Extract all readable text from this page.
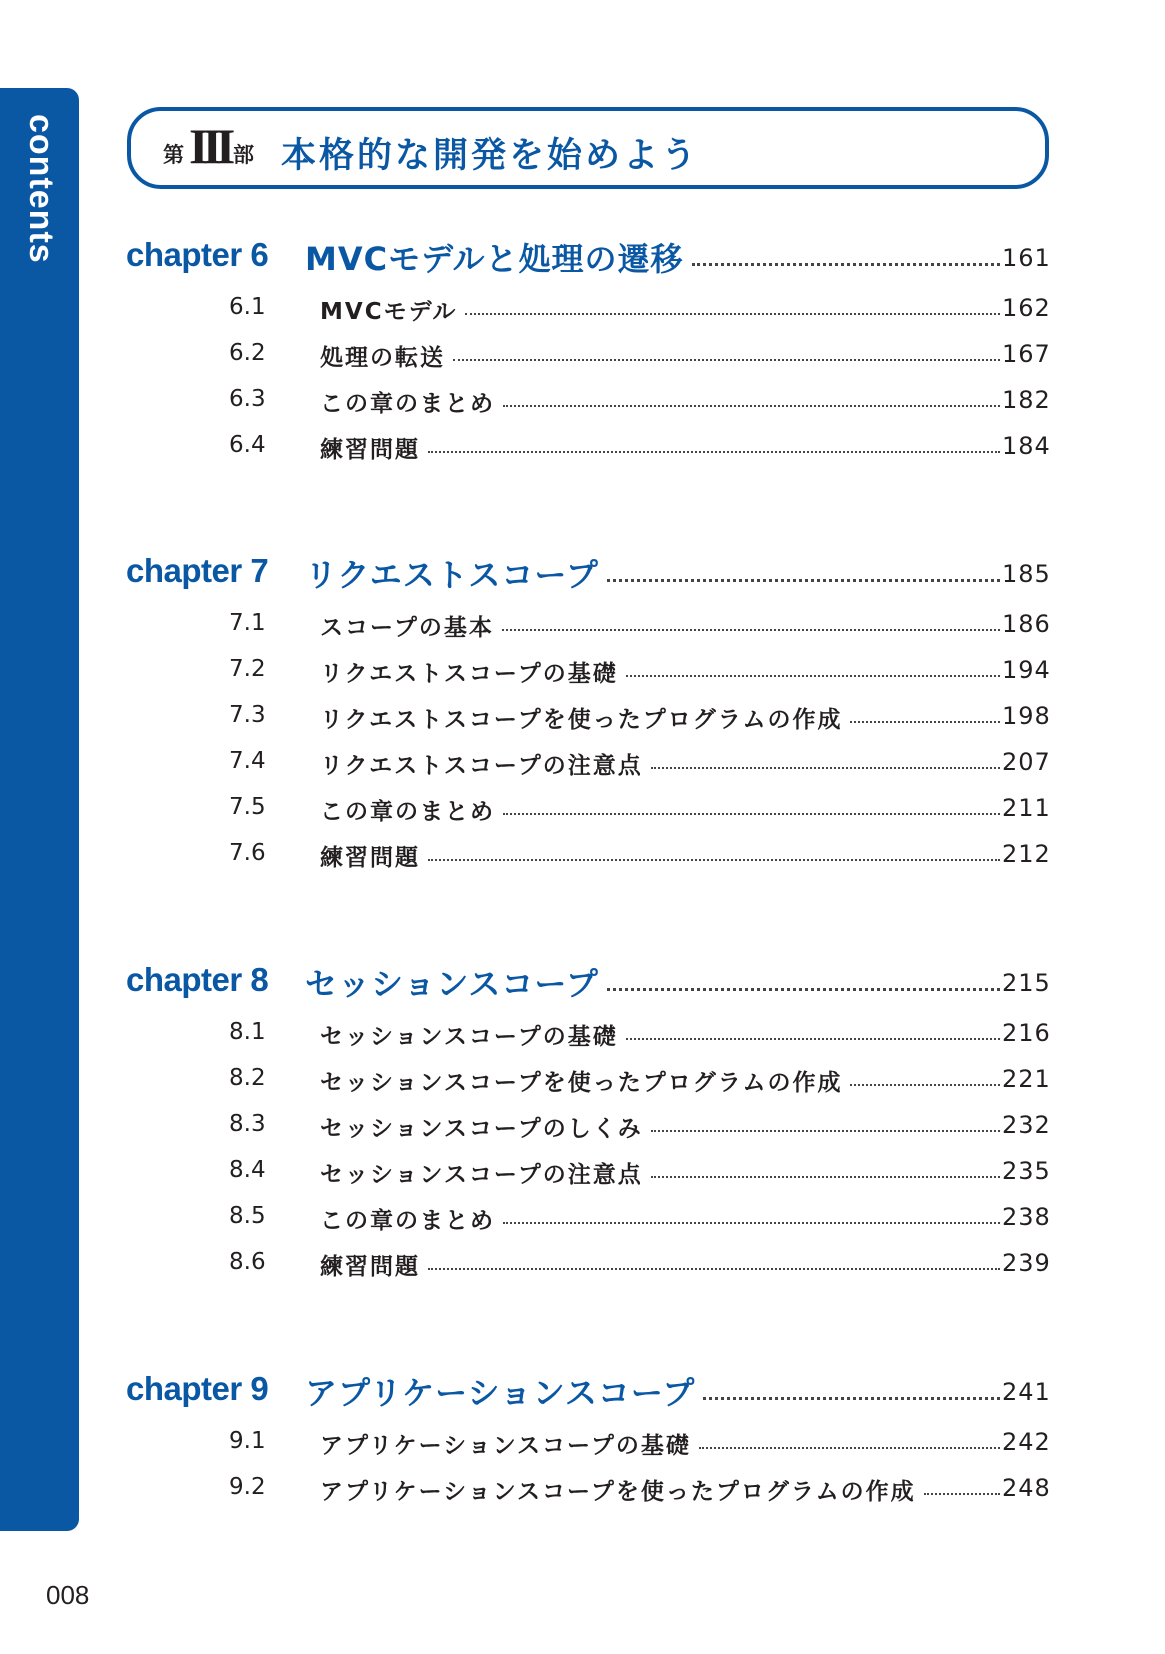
contents	第 III 部 本格的な開発を始めよう
chapter 6 MVCモデルと処理の遷移	161
6.1 MVCモデル	162
6.2 処理の転送	167
6.3 この章のまとめ	182
6.4 練習問題	184
chapter 7 リクエストスコープ	185
7.1 スコープの基本	186
7.2 リクエストスコープの基礎	194
7.3 リクエストスコープを使ったプログラムの作成	198
7.4 リクエストスコープの注意点	207
7.5 この章のまとめ	211
7.6 練習問題	212
chapter 8 セッションスコープ	215
8.1 セッションスコープの基礎	216
8.2 セッションスコープを使ったプログラムの作成	221
8.3 セッションスコープのしくみ	232
8.4 セッションスコープの注意点	235
8.5 この章のまとめ	238
8.6 練習問題	239
chapter 9 アプリケーションスコープ	241
9.1 アプリケーションスコープの基礎	242
9.2 アプリケーションスコープを使ったプログラムの作成	248
008
